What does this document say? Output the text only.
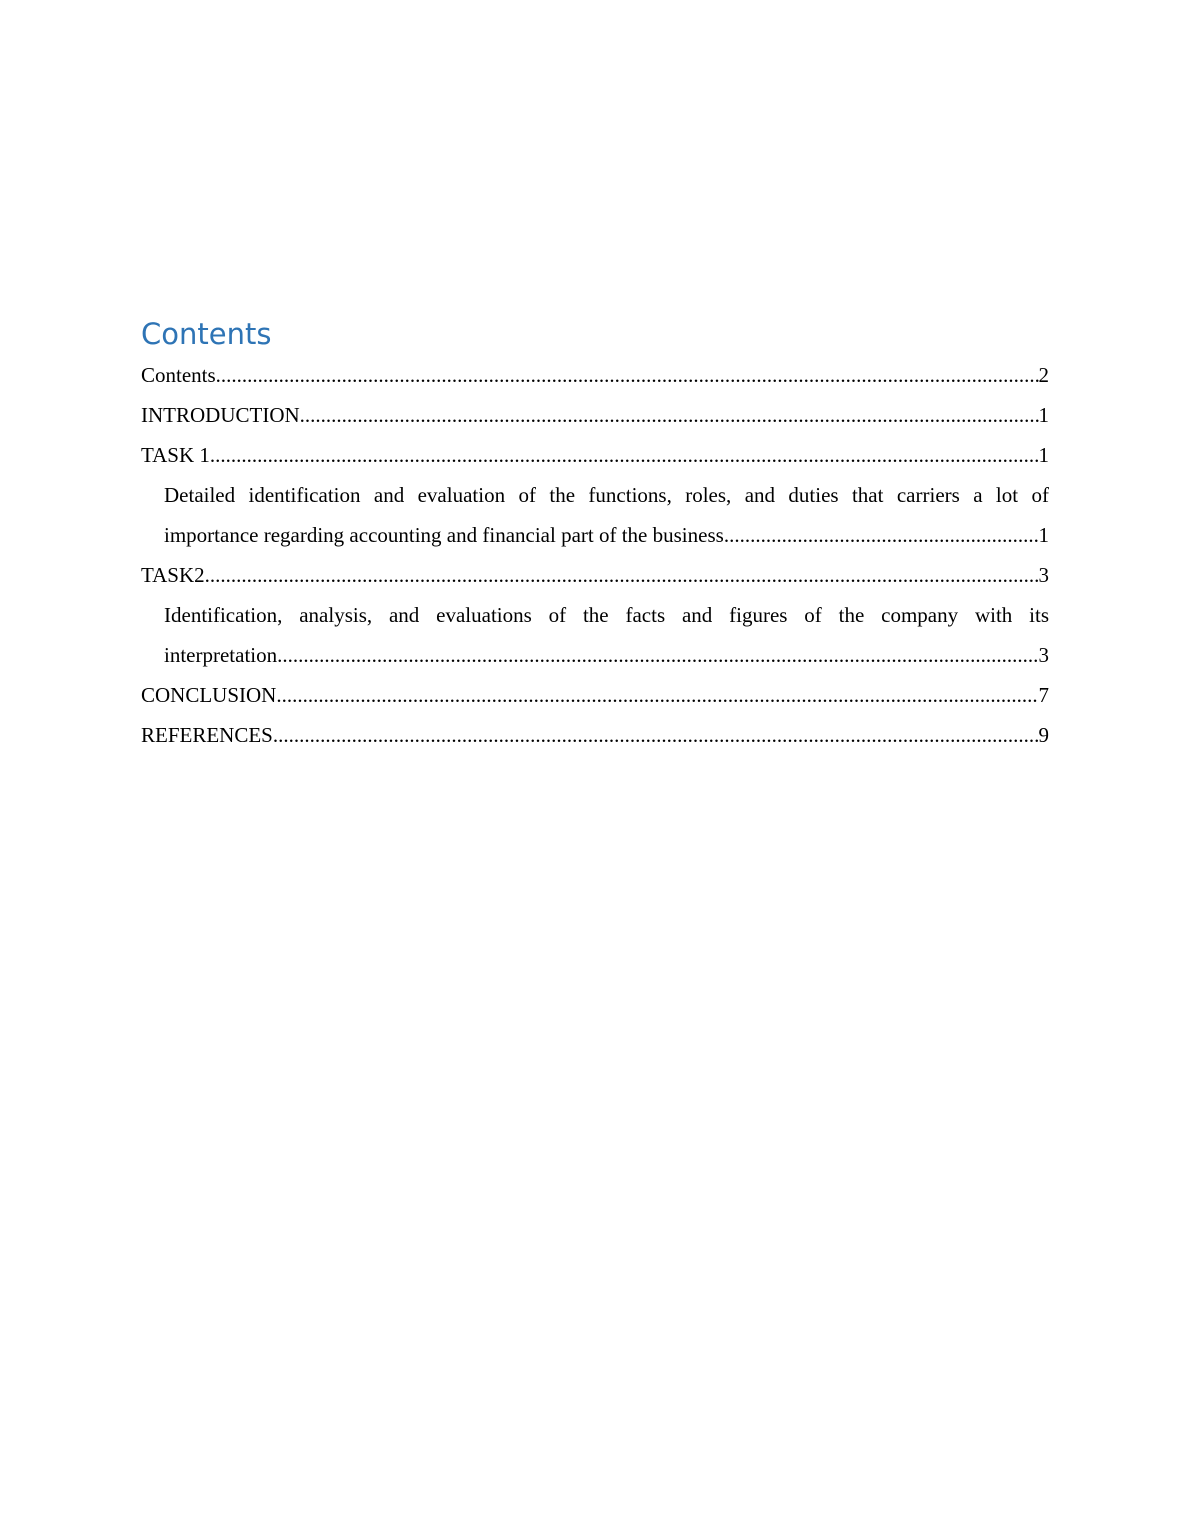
Contents
Contents .....	2
INTRODUCTION .....	1
TASK 1 .....	1
Detailed identification and evaluation of the functions, roles, and duties that carriers a lot of
importance regarding accounting and financial part of the business .....	1
TASK2 .....	3
Identification, analysis, and evaluations of the facts and figures of the company with its
interpretation .....	3
CONCLUSION .....	7
REFERENCES .....	9
